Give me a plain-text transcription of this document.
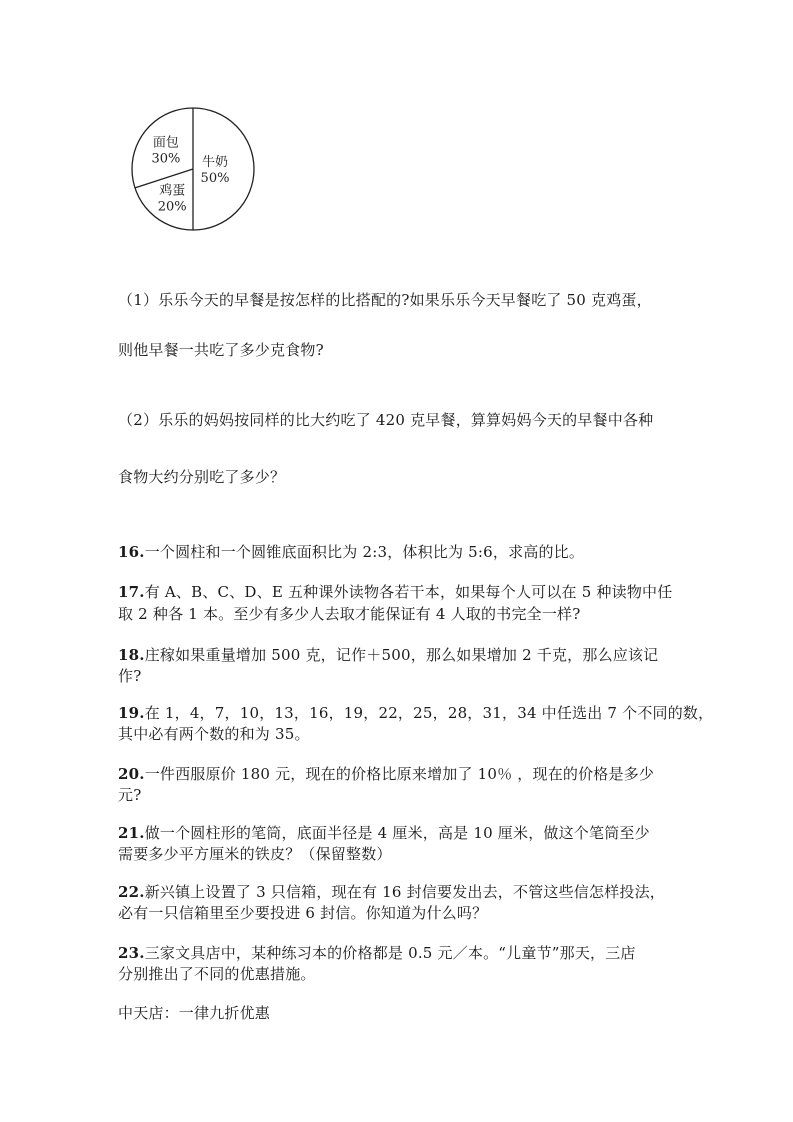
牛奶
50%
鸡蛋
20%
面包
30%
（1）乐乐今天的早餐是按怎样的比搭配的?如果乐乐今天早餐吃了 50 克鸡蛋，
则他早餐一共吃了多少克食物?
（2）乐乐的妈妈按同样的比大约吃了 420 克早餐，算算妈妈今天的早餐中各种
食物大约分别吃了多少？
16.一个圆柱和一个圆锥底面积比为 2:3，体积比为 5:6，求高的比。
17.有 A、B、C、D、E 五种课外读物各若干本，如果每个人可以在 5 种读物中任
取 2 种各 1 本。至少有多少人去取才能保证有 4 人取的书完全一样?
18.庄稼如果重量增加 500 克，记作＋500，那么如果增加 2 千克，那么应该记
作?
19.在 1，4，7，10，13，16，19，22，25，28，31，34 中任选出 7 个不同的数，
其中必有两个数的和为 35。
20.一件西服原价 180 元，现在的价格比原来增加了 10％ ，现在的价格是多少
元?
21.做一个圆柱形的笔筒，底面半径是 4 厘米，高是 10 厘米，做这个笔筒至少
需要多少平方厘米的铁皮？（保留整数）
22.新兴镇上设置了 3 只信箱，现在有 16 封信要发出去，不管这些信怎样投法，
必有一只信箱里至少要投进 6 封信。你知道为什么吗？
23.三家文具店中，某种练习本的价格都是 0.5 元／本。“儿童节”那天，三店
分别推出了不同的优惠措施。
中天店：一律九折优惠
